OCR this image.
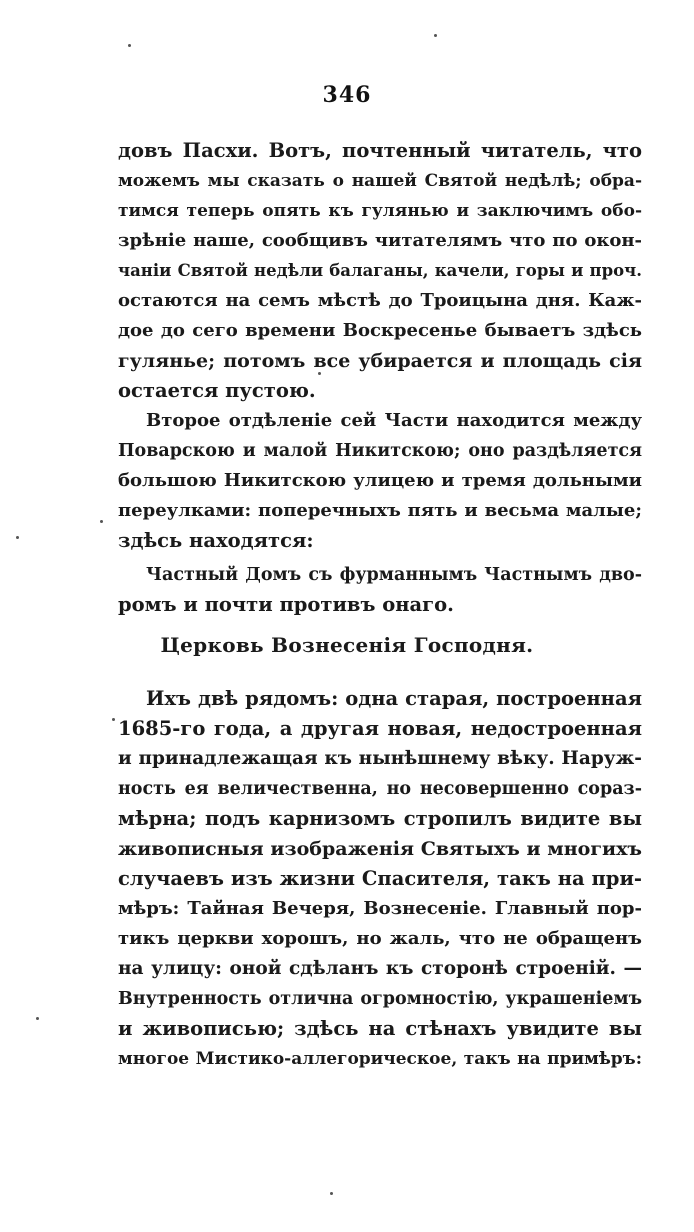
346
довъ Пасхи. Вотъ, почтенный читатель, что
можемъ мы сказать о нашей Святой недѣлѣ; обра-
тимся теперь опять къ гулянью и заключимъ обо-
зрѣніе наше, сообщивъ читателямъ что по окон-
чаніи Святой недѣли балаганы, качели, горы и проч.
остаются на семъ мѣстѣ до Троицына дня. Каж-
дое до сего времени Воскресенье бываетъ здѣсь
гулянье; потомъ все убирается и площадь сія
остается пустою.
Второе отдѣленіе сей Части находится между
Поварскою и малой Никитскою; оно раздѣляется
большою Никитскою улицею и тремя дольными
переулками: поперечныхъ пять и весьма малые;
здѣсь находятся:
Частный Домъ съ фурманнымъ Частнымъ дво-
ромъ и почти противъ онаго.
Церковь Вознесенія Господня.
Ихъ двѣ рядомъ: одна старая, построенная
1685-го года, а другая новая, недостроенная
и принадлежащая къ нынѣшнему вѣку. Наруж-
ность ея величественна, но несовершенно сораз-
мѣрна; подъ карнизомъ стропилъ видите вы
живописныя изображенія Святыхъ и многихъ
случаевъ изъ жизни Спасителя, такъ на при-
мѣръ: Тайная Вечеря, Вознесеніе. Главный пор-
тикъ церкви хорошъ, но жаль, что не обращенъ
на улицу: оной сдѣланъ къ сторонѣ строеній. —
Внутренность отлична огромностію, украшеніемъ
и живописью; здѣсь на стѣнахъ увидите вы
многое Мистико-аллегорическое, такъ на примѣръ:
